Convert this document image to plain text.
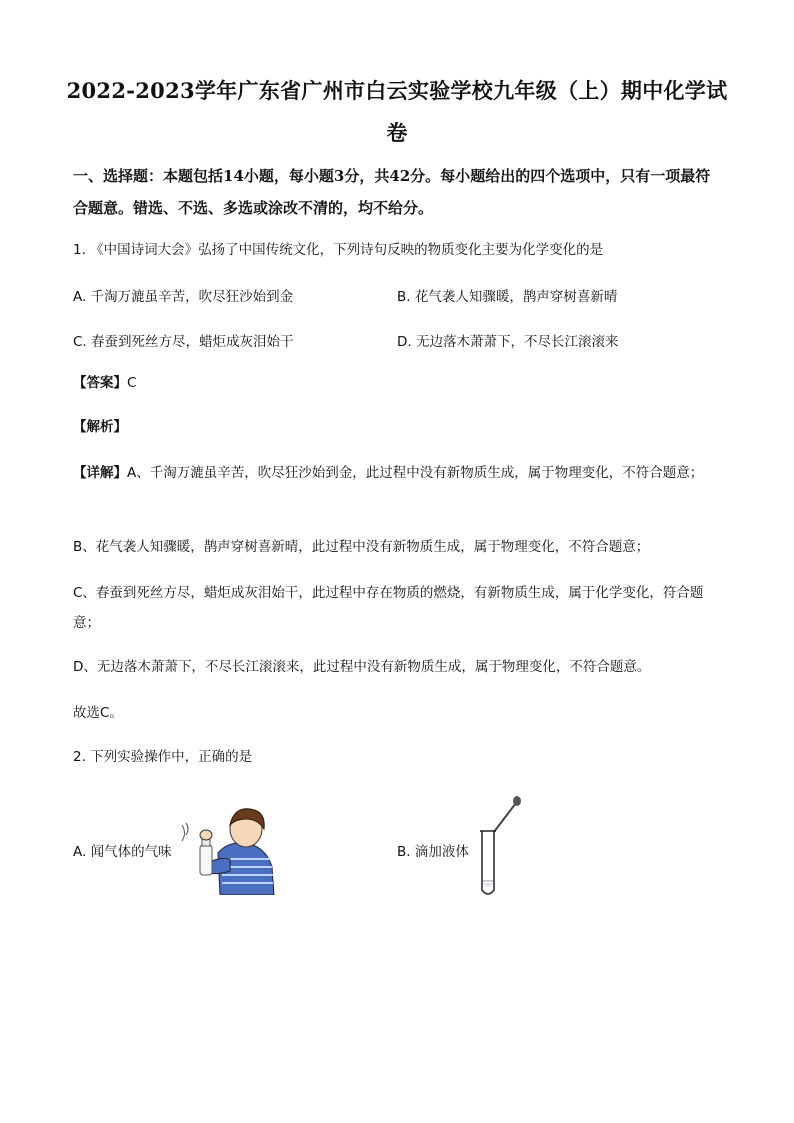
2022-2023学年广东省广州市白云实验学校九年级（上）期中化学试
卷
一、选择题：本题包括14小题，每小题3分，共42分。每小题给出的四个选项中，只有一项最符合题意。错选、不选、多选或涂改不清的，均不给分。
1. 《中国诗词大会》弘扬了中国传统文化，下列诗句反映的物质变化主要为化学变化的是
A. 千淘万漉虽辛苦，吹尽狂沙始到金	B. 花气袭人知骤暖，鹊声穿树喜新晴
C. 春蚕到死丝方尽，蜡炬成灰泪始干	D. 无边落木萧萧下，不尽长江滚滚来
【答案】C
【解析】
【详解】A、千淘万漉虽辛苦，吹尽狂沙始到金，此过程中没有新物质生成，属于物理变化，不符合题意；
B、花气袭人知骤暖，鹊声穿树喜新晴，此过程中没有新物质生成，属于物理变化，不符合题意；
C、春蚕到死丝方尽，蜡炬成灰泪始干，此过程中存在物质的燃烧，有新物质生成，属于化学变化，符合题意；
D、无边落木萧萧下，不尽长江滚滚来，此过程中没有新物质生成，属于物理变化，不符合题意。
故选C。
2. 下列实验操作中，正确的是
A. 闻气体的气味	B. 滴加液体
